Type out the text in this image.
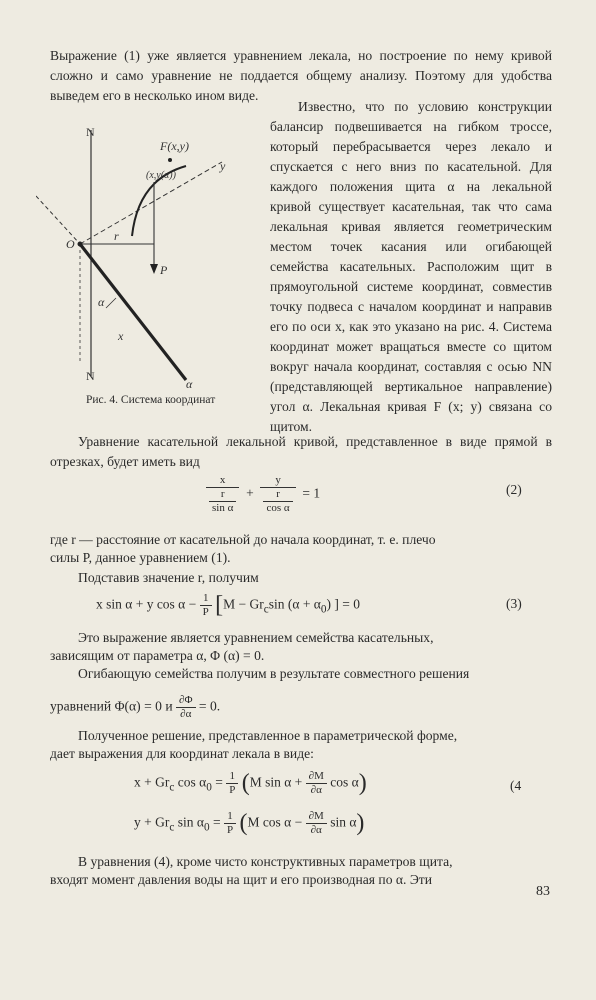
Выражение (1) уже является уравнением лекала, но построение по нему кривой сложно и само уравнение не поддается общему анализу. Поэтому для удобства выведем его в несколько ином виде.
Известно, что по условию конструкции балансир подвешивается на гибком троссе, который перебрасывается через лекало и спускается с него вниз по касательной. Для каждого положения щита α на лекальной кривой существует касательная, так что сама лекальная кривая является геометрическим местом точек касания или огибающей семейства касательных. Расположим щит в прямоугольной системе координат, совместив точку подвеса с началом координат и направив его по оси x, как это указано на рис. 4. Система координат может вращаться вместе со щитом вокруг начала координат, составляя с осью NN (представляющей вертикальное направление) угол α. Лекальная кривая F (x; y) связана со щитом.
N
N
F(x,y)
(x,y(α))
y
O
r
P
α
x
α
Рис. 4. Система координат
Уравнение касательной лекальной кривой, представленное в виде прямой в отрезках, будет иметь вид
$\frac{x}{\frac{r}{\text{sin α}}} + \frac{y}{\frac{r}{\text{cos α}}} = 1$	(2)
где r — расстояние от касательной до начала координат, т. е. плечо
силы P, данное уравнением (1).
Подставив значение r, получим
x sin α + y $\cos \alpha - \frac{1}{P} [M - Gr_c\sin$ $(\alpha + \alpha_0)$ ] = 0	(3)
Это выражение является уравнением семейства касательных,
зависящим от параметра α, Φ (α) = 0.
Огибающую семейства получим в результате совместного решения
уравнений Φ(α) = 0 и $\frac{\partial\Phi}{\partial\alpha} = 0$.
Полученное решение, представленное в параметрической форме,
дает выражения для координат лекала в виде:
$x + Gr_c$ $\cos \alpha_0 = \frac{1}{P} (M$ $\sin \alpha + \frac{\partial M}{\partial\alpha}$ cos α)	(4
$y + Gr_c$ $\sin \alpha_0 = \frac{1}{P} (M$ $\cos \alpha - \frac{\partial M}{\partial\alpha}$ sin α)
В уравнения (4), кроме чисто конструктивных параметров щита,
входят момент давления воды на щит и его производная по α. Эти
83
